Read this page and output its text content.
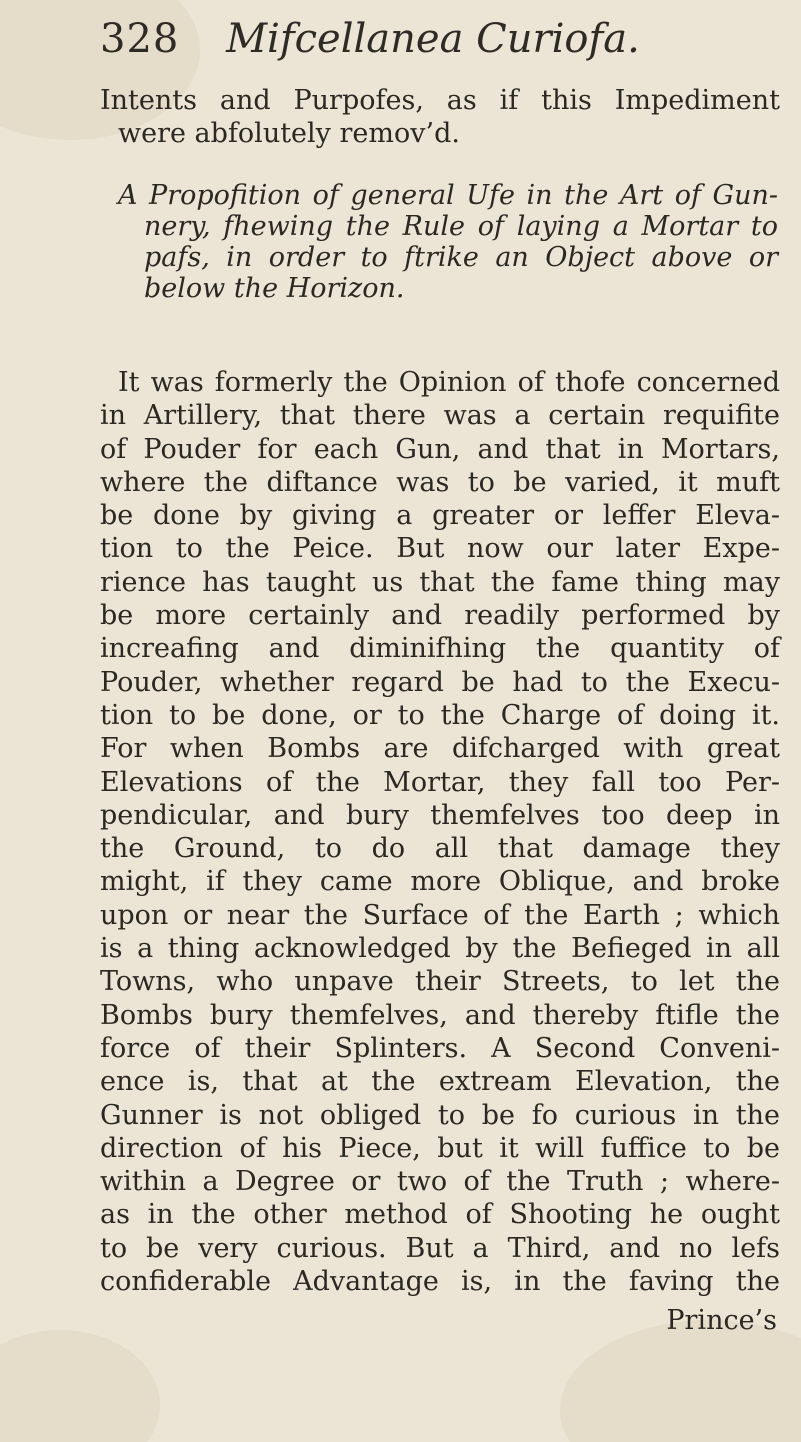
328 Mifcellanea Curiofa.
Intents and Purpofes, as if this Impediment
were abfolutely remov’d.
A Propofition of general Ufe in the Art of Gun-
nery, fhewing the Rule of laying a Mortar to
pafs, in order to ftrike an Object above or
below the Horizon.
It was formerly the Opinion of thofe concerned
in Artillery, that there was a certain requifite
of Pouder for each Gun, and that in Mortars,
where the diftance was to be varied, it muft
be done by giving a greater or leffer Eleva-
tion to the Peice. But now our later Expe-
rience has taught us that the fame thing may
be more certainly and readily performed by
increafing and diminifhing the quantity of
Pouder, whether regard be had to the Execu-
tion to be done, or to the Charge of doing it.
For when Bombs are difcharged with great
Elevations of the Mortar, they fall too Per-
pendicular, and bury themfelves too deep in
the Ground, to do all that damage they
might, if they came more Oblique, and broke
upon or near the Surface of the Earth ; which
is a thing acknowledged by the Befieged in all
Towns, who unpave their Streets, to let the
Bombs bury themfelves, and thereby ftifle the
force of their Splinters. A Second Conveni-
ence is, that at the extream Elevation, the
Gunner is not obliged to be fo curious in the
direction of his Piece, but it will fuffice to be
within a Degree or two of the Truth ; where-
as in the other method of Shooting he ought
to be very curious. But a Third, and no lefs
confiderable Advantage is, in the faving the
Prince’s
